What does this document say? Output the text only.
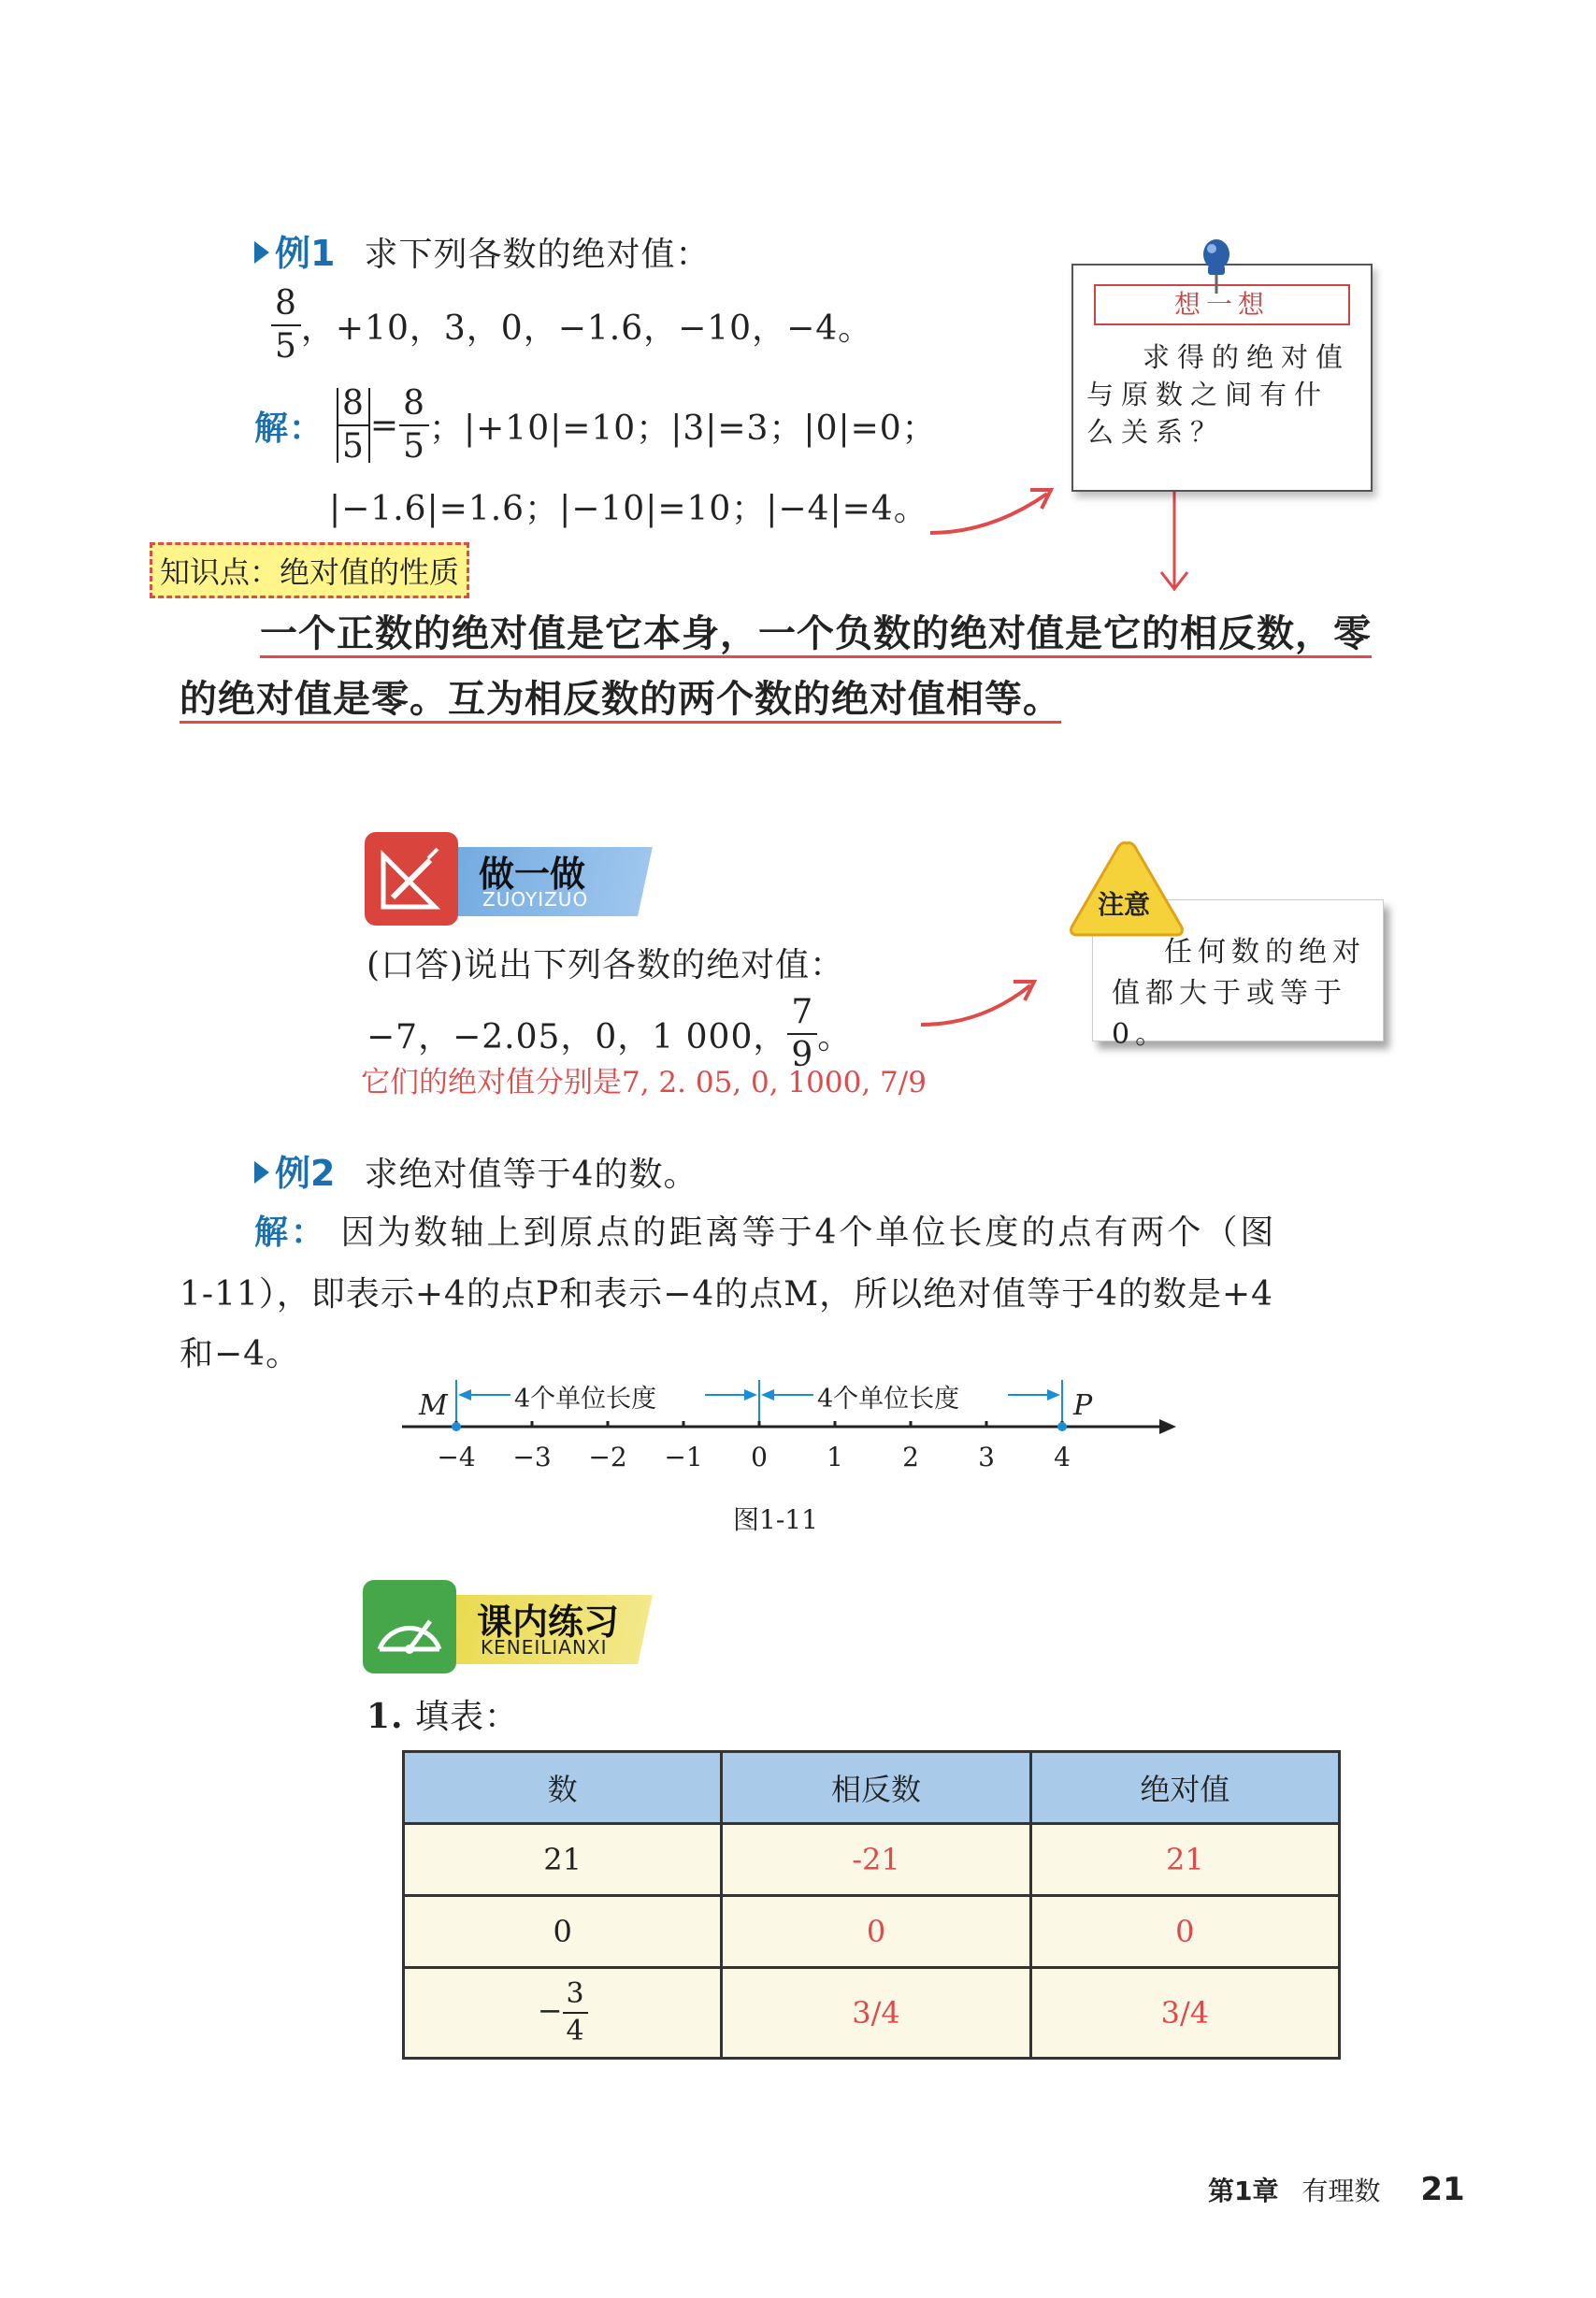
例1 求下列各数的绝对值：
$\frac{8}{5}$ ，+10，3，0，−1.6，−10，−4。
解： $\frac{8}{5} = \frac{8}{5}$ ；|+10|=10；|3|=3；|0|=0；
|−1.6|=1.6；|−10|=10；|−4|=4。
想一想
求得的绝对值与原数之间有什么关系？
知识点：绝对值的性质
一个正数的绝对值是它本身，一个负数的绝对值是它的相反数，零
的绝对值是零。互为相反数的两个数的绝对值相等。
做一做
ZUOYIZUO
(口答)说出下列各数的绝对值：
−7，−2.05，0，1 000， $\frac{7}{9}$ 。
它们的绝对值分别是7, 2. 05, 0, 1000, 7/9
任何数的绝对值都大于或等于0。
注意
例2 求绝对值等于4的数。
解： 因为数轴上到原点的距离等于4个单位长度的点有两个（图
1-11），即表示+4的点P和表示−4的点M，所以绝对值等于4的数是+4
和−4。
4个单位长度	4个单位长度
M	P
−4 −3 −2 −1	0	1	2	3	4
图1-11
课内练习
KENEILIANXI
1. 填表：
数	相反数	绝对值
21	-21	21
0	0	0
− $\frac{3}{4}$	3/4	3/4
第1章 有理数 21
